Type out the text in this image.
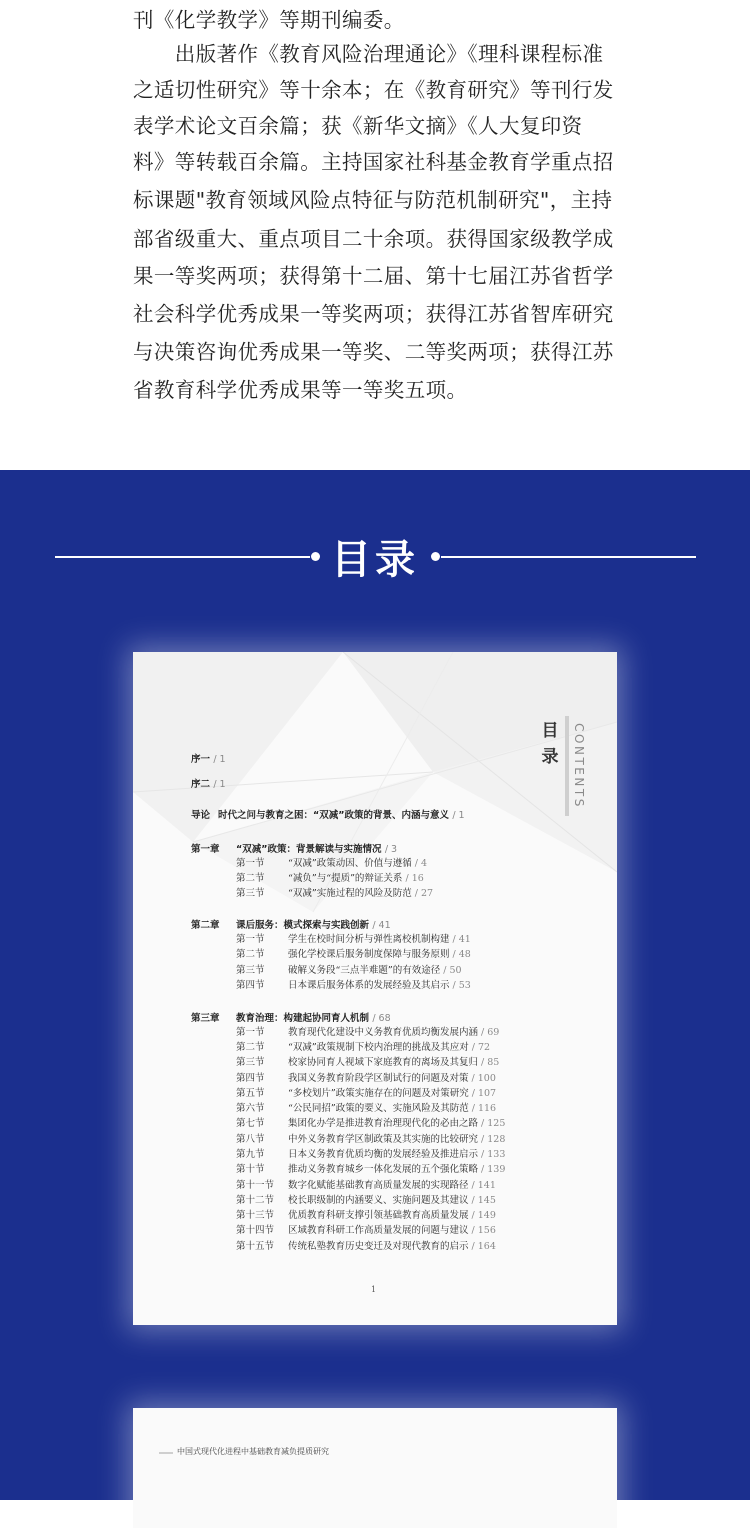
刊《化学教学》等期刊编委。
　　出版著作《教育风险治理通论》《理科课程标准
之适切性研究》等十余本；在《教育研究》等刊行发
表学术论文百余篇；获《新华文摘》《人大复印资
料》等转载百余篇。主持国家社科基金教育学重点招
标课题"教育领域风险点特征与防范机制研究"，主持
部省级重大、重点项目二十余项。获得国家级教学成
果一等奖两项；获得第十二届、第十七届江苏省哲学
社会科学优秀成果一等奖两项；获得江苏省智库研究
与决策咨询优秀成果一等奖、二等奖两项；获得江苏
省教育科学优秀成果等一等奖五项。
目录
目录 CONTENTS
序一 / 1
序二 / 1
导论 时代之问与教育之困：“双减”政策的背景、内涵与意义 / 1
第一章 “双减”政策：背景解读与实施情况 / 3
第一节 “双减”政策动因、价值与遵循 / 4
第二节 “减负”与“提质”的辩证关系 / 16
第三节 “双减”实施过程的风险及防范 / 27
第二章 课后服务：模式探索与实践创新 / 41
第一节 学生在校时间分析与弹性离校机制构建 / 41
第二节 强化学校课后服务制度保障与服务原则 / 48
第三节 破解义务段“三点半难题”的有效途径 / 50
第四节 日本课后服务体系的发展经验及其启示 / 53
第三章 教育治理：构建起协同育人机制 / 68
第一节 教育现代化建设中义务教育优质均衡发展内涵 / 69
第二节 “双减”政策规制下校内治理的挑战及其应对 / 72
第三节 校家协同育人视域下家庭教育的离场及其复归 / 85
第四节 我国义务教育阶段学区制试行的问题及对策 / 100
第五节 “多校划片”政策实施存在的问题及对策研究 / 107
第六节 “公民同招”政策的要义、实施风险及其防范 / 116
第七节 集团化办学是推进教育治理现代化的必由之路 / 125
第八节 中外义务教育学区制政策及其实施的比较研究 / 128
第九节 日本义务教育优质均衡的发展经验及推进启示 / 133
第十节 推动义务教育城乡一体化发展的五个强化策略 / 139
第十一节 数字化赋能基础教育高质量发展的实现路径 / 141
第十二节 校长职级制的内涵要义、实施问题及其建议 / 145
第十三节 优质教育科研支撑引领基础教育高质量发展 / 149
第十四节 区域教育科研工作高质量发展的问题与建议 / 156
第十五节 传统私塾教育历史变迁及对现代教育的启示 / 164
1
中国式现代化进程中基础教育减负提质研究
